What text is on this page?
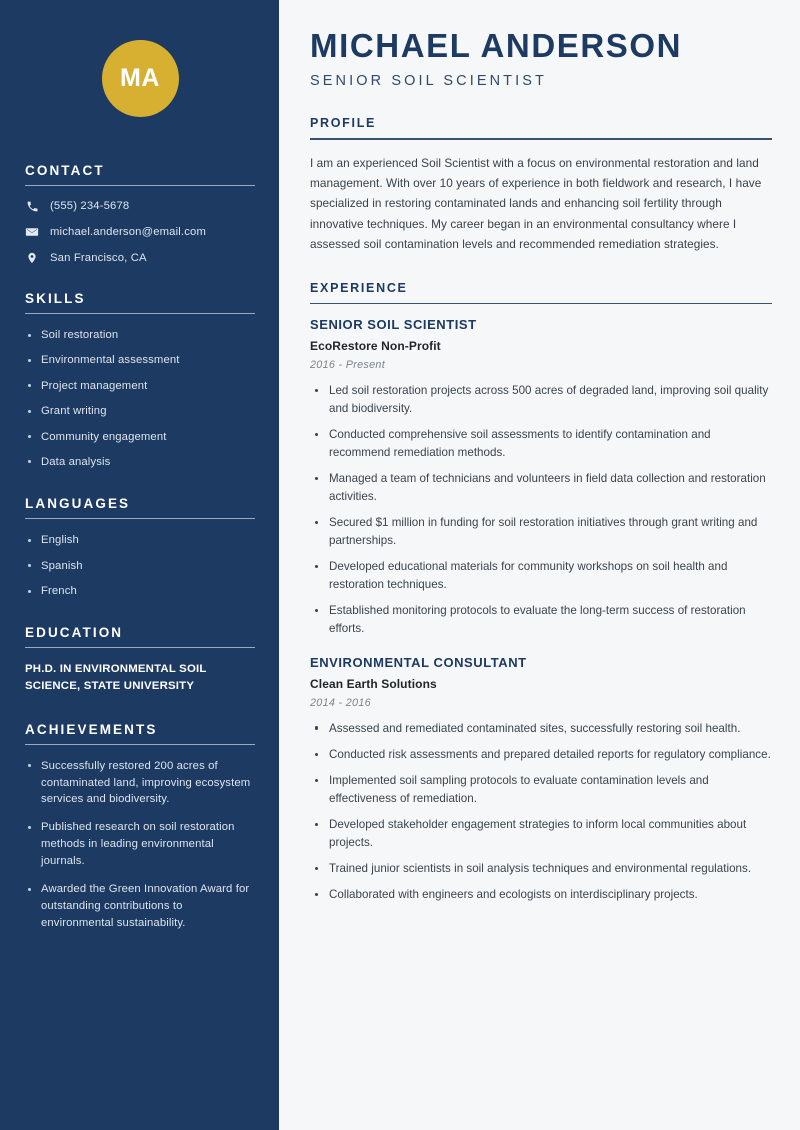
MA
CONTACT
(555) 234-5678
michael.anderson@email.com
San Francisco, CA
SKILLS
Soil restoration
Environmental assessment
Project management
Grant writing
Community engagement
Data analysis
LANGUAGES
English
Spanish
French
EDUCATION
PH.D. IN ENVIRONMENTAL SOIL SCIENCE, STATE UNIVERSITY
ACHIEVEMENTS
Successfully restored 200 acres of contaminated land, improving ecosystem services and biodiversity.
Published research on soil restoration methods in leading environmental journals.
Awarded the Green Innovation Award for outstanding contributions to environmental sustainability.
MICHAEL ANDERSON
SENIOR SOIL SCIENTIST
PROFILE

I am an experienced Soil Scientist with a focus on environmental restoration and land management. With over 10 years of experience in both fieldwork and research, I have specialized in restoring contaminated lands and enhancing soil fertility through innovative techniques. My career began in an environmental consultancy where I assessed soil contamination levels and recommended remediation strategies.

EXPERIENCE
SENIOR SOIL SCIENTIST
EcoRestore Non-Profit
2016 - Present
Led soil restoration projects across 500 acres of degraded land, improving soil quality and biodiversity.
Conducted comprehensive soil assessments to identify contamination and recommend remediation methods.
Managed a team of technicians and volunteers in field data collection and restoration activities.
Secured $1 million in funding for soil restoration initiatives through grant writing and partnerships.
Developed educational materials for community workshops on soil health and restoration techniques.
Established monitoring protocols to evaluate the long-term success of restoration efforts.
ENVIRONMENTAL CONSULTANT
Clean Earth Solutions
2014 - 2016
Assessed and remediated contaminated sites, successfully restoring soil health.
Conducted risk assessments and prepared detailed reports for regulatory compliance.
Implemented soil sampling protocols to evaluate contamination levels and effectiveness of remediation.
Developed stakeholder engagement strategies to inform local communities about projects.
Trained junior scientists in soil analysis techniques and environmental regulations.
Collaborated with engineers and ecologists on interdisciplinary projects.
